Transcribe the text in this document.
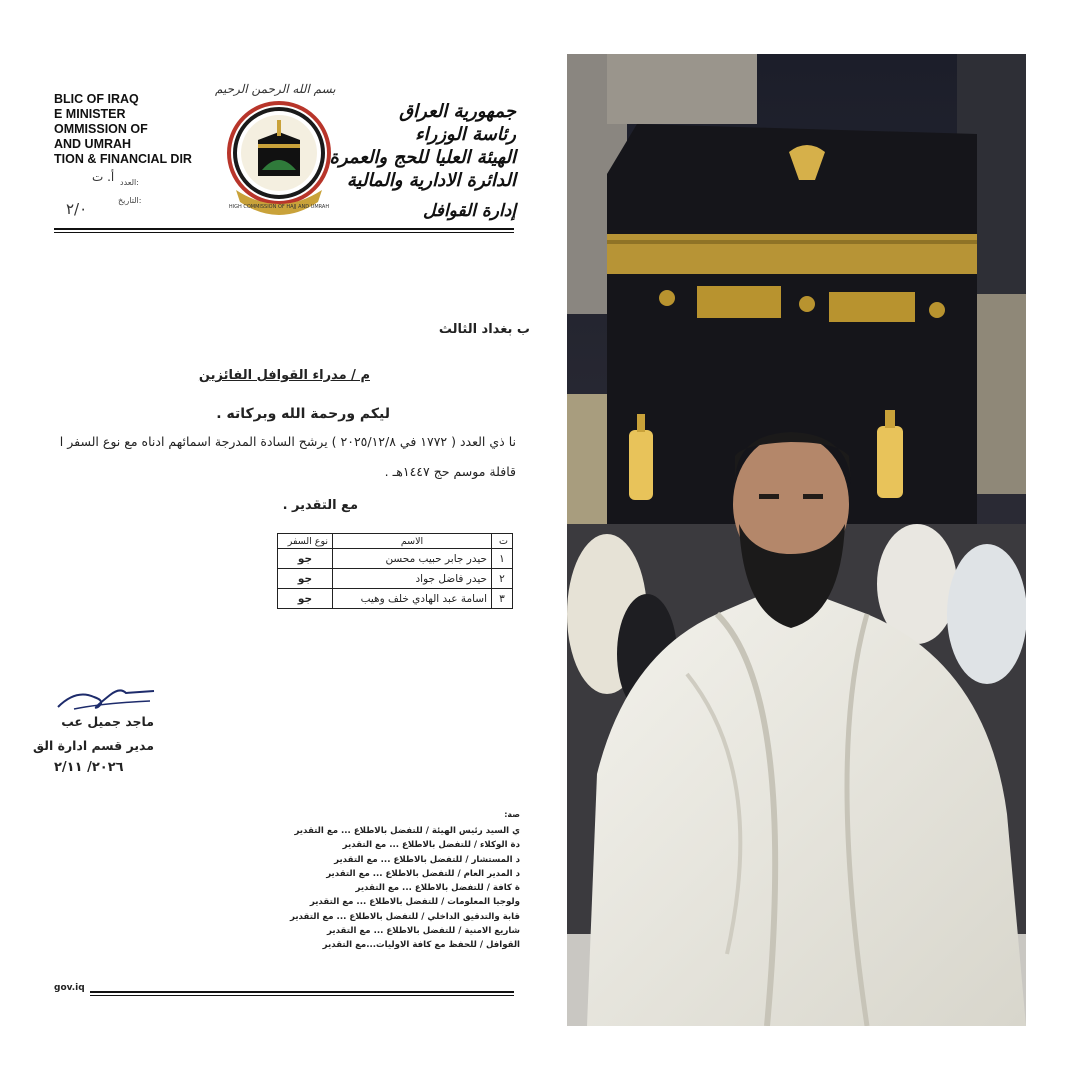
BLIC OF IRAQ
E MINISTER
OMMISSION OF
AND UMRAH
TION & FINANCIAL DIR
أ. ت العدد:
التاريخ:
٢/٠
بسم الله الرحمن الرحيم
HIGH COMMISSION OF HAJJ AND UMRAH
جمهورية العراق
رئاسة الوزراء
الهيئة العليا للحج والعمرة
الدائرة الادارية والمالية
إدارة القوافل
ب بغداد الثالث
م / مدراء القوافل الفائزين
ليكم ورحمة الله وبركاته .
نا ذي العدد ( ١٧٧٢ في ٢٠٢٥/١٢/٨ ) يرشح السادة المدرجة اسمائهم ادناه مع نوع السفر ا
قافلة موسم حج ١٤٤٧هـ .
مع التقدير .
ت	الاسم	نوع السفر
١	حيدر جابر حبيب محسن	جو
٢	حيدر فاضل جواد	جو
٣	اسامة عبد الهادي خلف وهيب	جو
ماجد جميل عب
مدير قسم ادارة الق
٢٠٢٦/ ٢/١١
صة:
ي السيد رئيس الهيئة / للتفضل بالاطلاع ... مع التقدير
دة الوكلاء / للتفضل بالاطلاع ... مع التقدير
د المستشار / للتفضل بالاطلاع ... مع التقدير
د المدير العام / للتفضل بالاطلاع ... مع التقدير
ة كافة / للتفضل بالاطلاع ... مع التقدير
ولوجيا المعلومات / للتفضل بالاطلاع ... مع التقدير
قابة والتدقيق الداخلي / للتفضل بالاطلاع ... مع التقدير
شاريع الامنية / للتفضل بالاطلاع ... مع التقدير
القوافل / للحفظ مع كافة الاوليات...مع التقدير
gov.iq
